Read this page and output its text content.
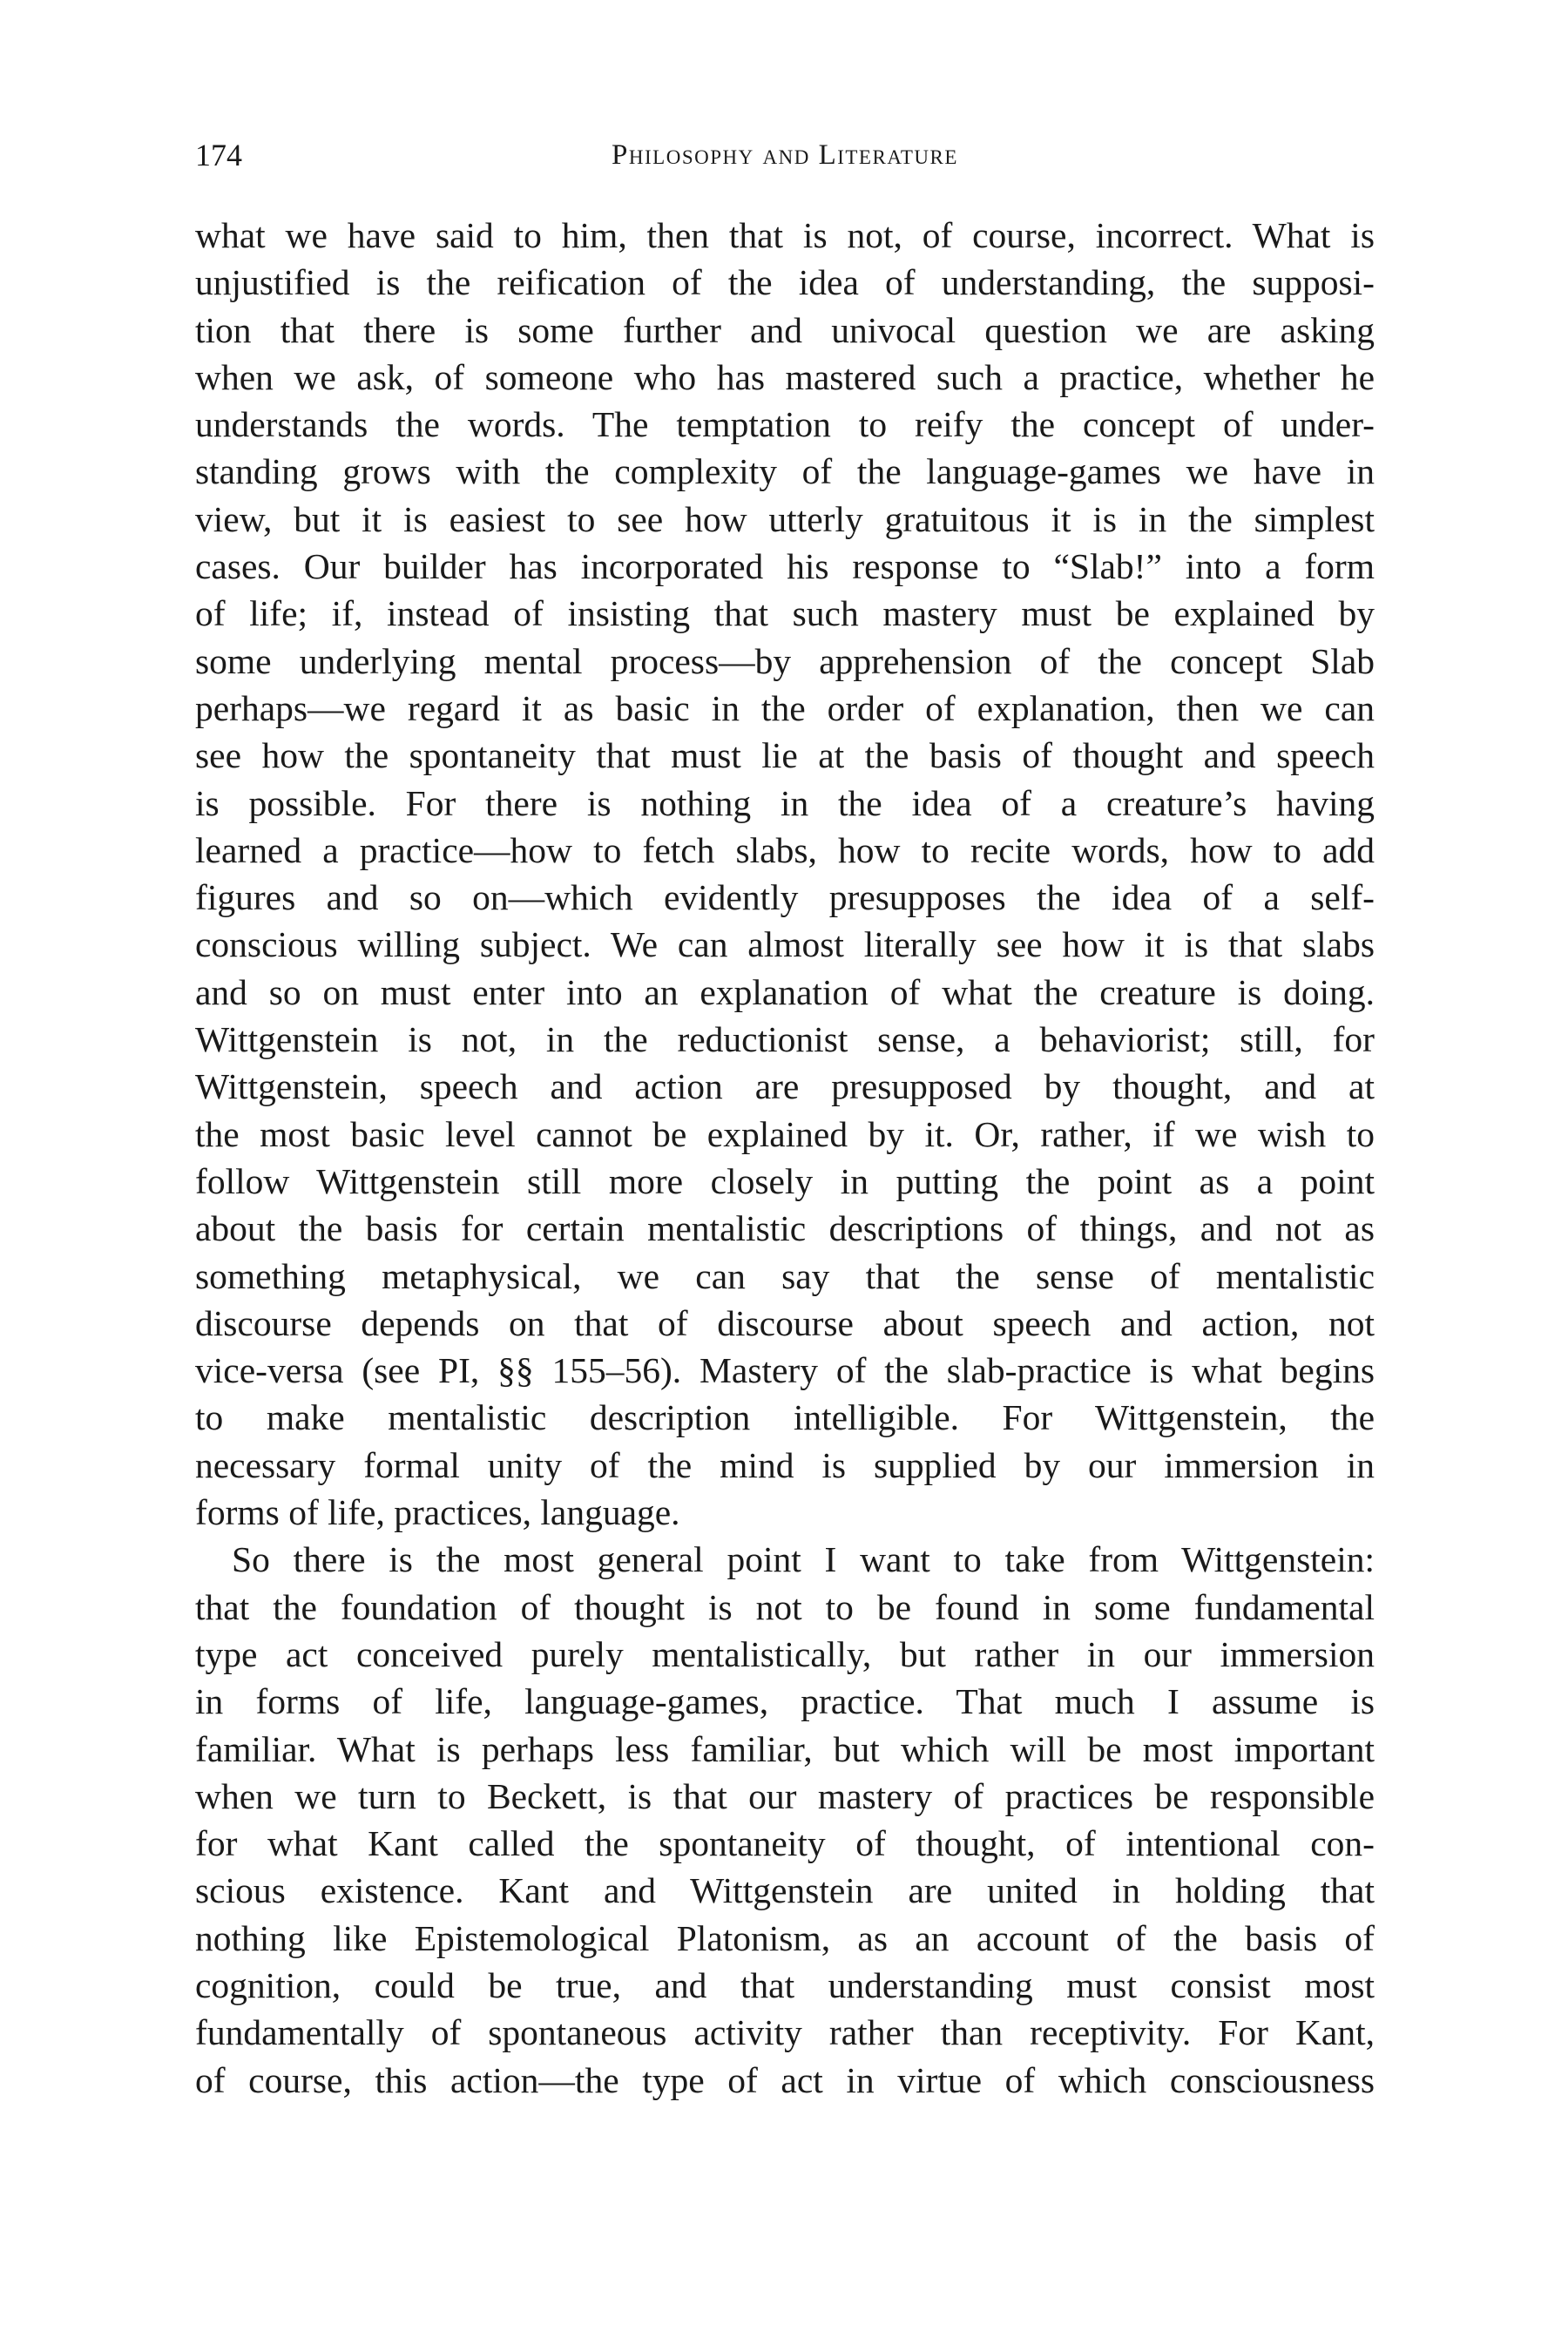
174	Philosophy and Literature
what we have said to him, then that is not, of course, incorrect. What is
unjustified is the reification of the idea of understanding, the supposi-
tion that there is some further and univocal question we are asking
when we ask, of someone who has mastered such a practice, whether he
understands the words. The temptation to reify the concept of under-
standing grows with the complexity of the language-games we have in
view, but it is easiest to see how utterly gratuitous it is in the simplest
cases. Our builder has incorporated his response to “Slab!” into a form
of life; if, instead of insisting that such mastery must be explained by
some underlying mental process—by apprehension of the concept Slab
perhaps—we regard it as basic in the order of explanation, then we can
see how the spontaneity that must lie at the basis of thought and speech
is possible. For there is nothing in the idea of a creature’s having
learned a practice—how to fetch slabs, how to recite words, how to add
figures and so on—which evidently presupposes the idea of a self-
conscious willing subject. We can almost literally see how it is that slabs
and so on must enter into an explanation of what the creature is doing.
Wittgenstein is not, in the reductionist sense, a behaviorist; still, for
Wittgenstein, speech and action are presupposed by thought, and at
the most basic level cannot be explained by it. Or, rather, if we wish to
follow Wittgenstein still more closely in putting the point as a point
about the basis for certain mentalistic descriptions of things, and not as
something metaphysical, we can say that the sense of mentalistic
discourse depends on that of discourse about speech and action, not
vice-versa (see PI, §§ 155–56). Mastery of the slab-practice is what begins
to make mentalistic description intelligible. For Wittgenstein, the
necessary formal unity of the mind is supplied by our immersion in
forms of life, practices, language.
So there is the most general point I want to take from Wittgenstein:
that the foundation of thought is not to be found in some fundamental
type act conceived purely mentalistically, but rather in our immersion
in forms of life, language-games, practice. That much I assume is
familiar. What is perhaps less familiar, but which will be most important
when we turn to Beckett, is that our mastery of practices be responsible
for what Kant called the spontaneity of thought, of intentional con-
scious existence. Kant and Wittgenstein are united in holding that
nothing like Epistemological Platonism, as an account of the basis of
cognition, could be true, and that understanding must consist most
fundamentally of spontaneous activity rather than receptivity. For Kant,
of course, this action—the type of act in virtue of which consciousness
